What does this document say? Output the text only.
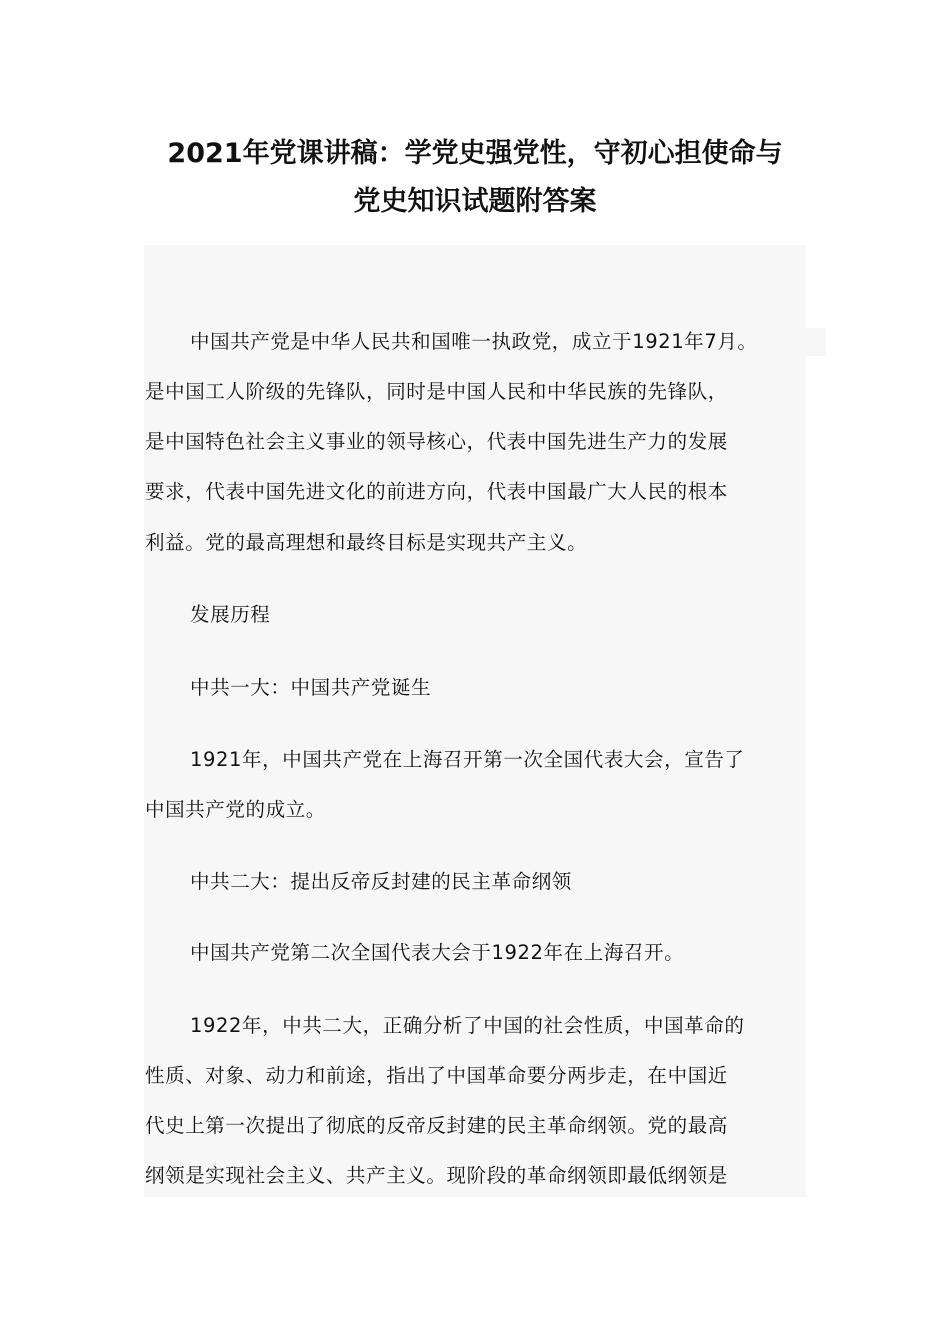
2021年党课讲稿：学党史强党性，守初心担使命与
党史知识试题附答案
中国共产党是中华人民共和国唯一执政党，成立于1921年7月。
是中国工人阶级的先锋队，同时是中国人民和中华民族的先锋队，
是中国特色社会主义事业的领导核心，代表中国先进生产力的发展
要求，代表中国先进文化的前进方向，代表中国最广大人民的根本
利益。党的最高理想和最终目标是实现共产主义。
发展历程
中共一大：中国共产党诞生
1921年，中国共产党在上海召开第一次全国代表大会，宣告了
中国共产党的成立。
中共二大：提出反帝反封建的民主革命纲领
中国共产党第二次全国代表大会于1922年在上海召开。
1922年，中共二大，正确分析了中国的社会性质，中国革命的
性质、对象、动力和前途，指出了中国革命要分两步走，在中国近
代史上第一次提出了彻底的反帝反封建的民主革命纲领。党的最高
纲领是实现社会主义、共产主义。现阶段的革命纲领即最低纲领是
